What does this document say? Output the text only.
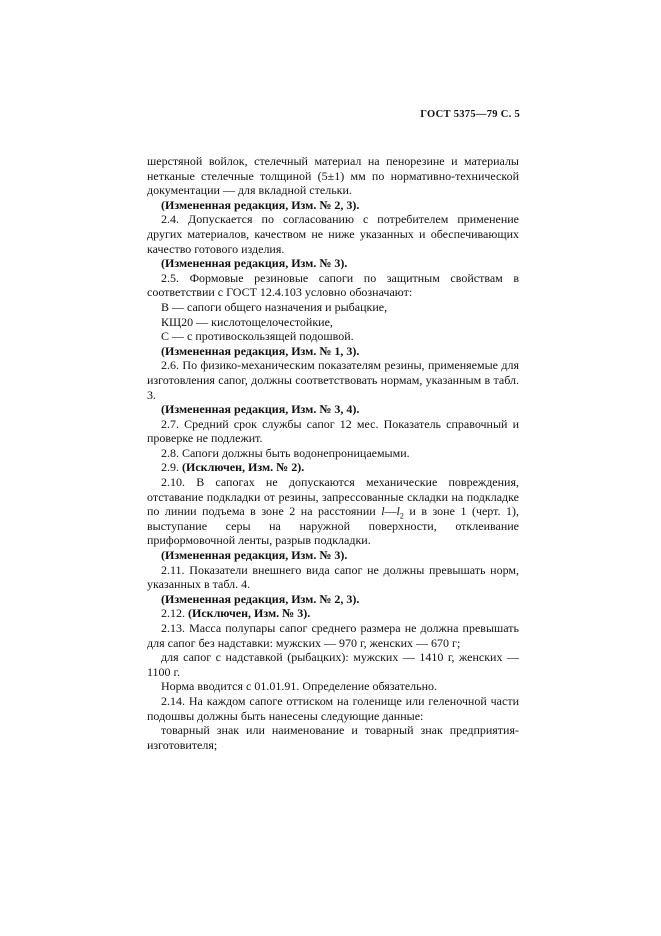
ГОСТ 5375—79 С. 5

шерстяной войлок, стелечный материал на пенорезине и материалы нетканые стелечные толщиной (5±1) мм по нормативно-технической документации — для вкладной стельки.

(Измененная редакция, Изм. № 2, 3).

2.4. Допускается по согласованию с потребителем применение других материалов, качеством не ниже указанных и обеспечивающих качество готового изделия.

(Измененная редакция, Изм. № 3).

2.5. Формовые резиновые сапоги по защитным свойствам в соответствии с ГОСТ 12.4.103 условно обозначают:

В — сапоги общего назначения и рыбацкие,

КЩ20 — кислотощелочестойкие,

С — с противоскользящей подошвой.

(Измененная редакция, Изм. № 1, 3).

2.6. По физико-механическим показателям резины, применяемые для изготовления сапог, должны соответствовать нормам, указанным в табл. 3.

(Измененная редакция, Изм. № 3, 4).

2.7. Средний срок службы сапог 12 мес. Показатель справочный и проверке не подлежит.

2.8. Сапоги должны быть водонепроницаемыми.

2.9. (Исключен, Изм. № 2).

2.10. В сапогах не допускаются механические повреждения, отставание подкладки от резины, запрессованные складки на подкладке по линии подъема в зоне 2 на расстоянии $l—l_2$ и в зоне 1 (черт. 1), выступание серы на наружной поверхности, отклеивание приформовочной ленты, разрыв подкладки.

(Измененная редакция, Изм. № 3).

2.11. Показатели внешнего вида сапог не должны превышать норм, указанных в табл. 4.

(Измененная редакция, Изм. № 2, 3).

2.12. (Исключен, Изм. № 3).

2.13. Масса полупары сапог среднего размера не должна превышать для сапог без надставки: мужских — 970 г, женских — 670 г;

для сапог с надставкой (рыбацких): мужских — 1410 г, женских — 1100 г.

Норма вводится с 01.01.91. Определение обязательно.

2.14. На каждом сапоге оттиском на голенище или геленочной части подошвы должны быть нанесены следующие данные:

товарный знак или наименование и товарный знак предприятия-изготовителя;
